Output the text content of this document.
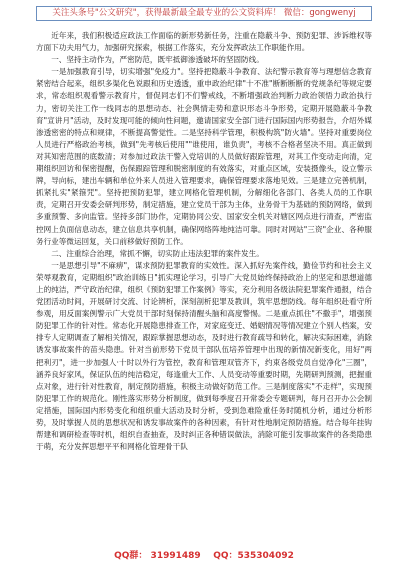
关注头条号"公文研究"，获得最新最全最专业的公文资料库！ 微信：gongwenyj

近年来，我们积极适应政法工作面临的新形势新任务，注重在隐蔽斗争、预防犯罪、涉诉维权等方面下功夫用气力，加强研究探索，根据工作落实，充分发挥政法工作职能作用。

一、坚持主动作为，严密防范，既牢抵御渗透破坏的坚固防线。

一是加强教育引导，切实增强"免疫力"。坚持把隐蔽斗争教育、法纪警示教育等与理想信念教育紧密结合起来，组织多渠化色说跟和历史透透，重申政治纪律"十不准"断断断断的党规条纪等规定要求，常态组织观看警示教育片，督促同志们不们警戒线，不断增强政治判断力政治领悟力政治执行力，密切关注工作一线同志的思想动态、社会舆情走势和意识形态斗争形势，定期开展隐蔽斗争教育"宣讲月"活动，及时发现可能的倾向性问题，邀请国家安全部门进行国际国内形势报告，介绍外媒渗透密密的特点和规律，不断提高警觉性。二是坚持科学管理，积极构筑"防火墙"。坚持对重要岗位人员进行严格政治考核，做到"先考核后使用""谁使用，谁负责"，考核不合格者坚决不用。真正做到对其知密范围的底数清；对参加过政法干警入党培训的人员做好跟踪管理，对其工作变动走向清，定期组织回访和保密提醒，伤保跟踪管理和脱密制度的有效落实，对重点区域，安装摄像头，设立警示牌，导向标，建出车辆和单位外来人员进入管理要求，确保管理要求落地见效。三是建立完善机制，抓紧扎实"紧箍咒"。坚持把预防犯罪，建立网格化管理机制，分解细化各部门、各类人员的工作职责，定期召开安委会研判形势，制定措施，建立党员干部为主体，业务骨干为基础的预防网络，做到多重预警、多向监管。坚持多部门协作，定期协同公安、国家安全机关对辖区网点进行清查，严密监控网上负面信息动态，建立信息共享机制，确保网络阵地纯洁可靠。同时对网站"三资"企业、各种服务行业等微运回复，关口前移做好预防工作。

二、注重综合治理，常抓不懈，切实防止违法犯罪的案件发生。

一是思想引导"不麻痹"，谋求预防犯罪教育的实效性。深入抓好先案件线，勤俭节约和社会主义荣辱观教育，定期组织"政治训练日"抓实理论学习，引导广大党员始终保持政治上的坚定和思想道德上的纯洁，严守政治纪律，组织《预防犯罪工作案例》等实，充分利用各级法院犯罪案件通报，结合党团活动时间，开展研讨交流、讨论辨析，深刻剖析犯罪及教训，筑牢思想防线。每年组织赴看守所参观，用反面案例警示广大党员干部时刻保持清醒头脑和高度警惕。二是重点抓住"不撒手"，增强预防犯罪工作的针对性。常态化开展隐患排查工作，对家庭变迁、婚姻情况等情况建立个别人档案，安排专人定期调查了解相关情况，跟踪掌握思想动态，及时进行教育疏导和转化，解决实际困难，消除诱发事故案件的苗头隐患。针对当前形势下党员干部队伍培养管理中出现的新情况新变化，用好"两把利刃"，进一步加强人·十时以外行为管控，教育和管理双管齐下，约束各级党员自觉净化"三圈"，涵养良好家风，保证队伍的纯洁稳定，每逢重大工作、人员变动等重要时期，先期研判预测，把握重点对象，进行针对性教育，制定预防措施，积极主动做好防范工作。三是制度落实"不走样"，实现预防犯罪工作的规范化。刚性落实形势分析制度，做到每季度召开常委会专题研判，每月召开办公会制定措施，国际国内形势变化和组织重大活动及时分析，受到急难险重任务时随机分析，通过分析形势，及时掌握人员的思想状况和诱发事故案件的各种因素，有针对性地制定预防措施。结合每年挂钩帮建和调研检查等时机，组织自查抽查，及时纠正各种错误做法，消除可能引发事故案件的各类隐患于萌，充分发挥思想平平和网格化管理骨干队

QQ群： 31991489    QQ：535304092
